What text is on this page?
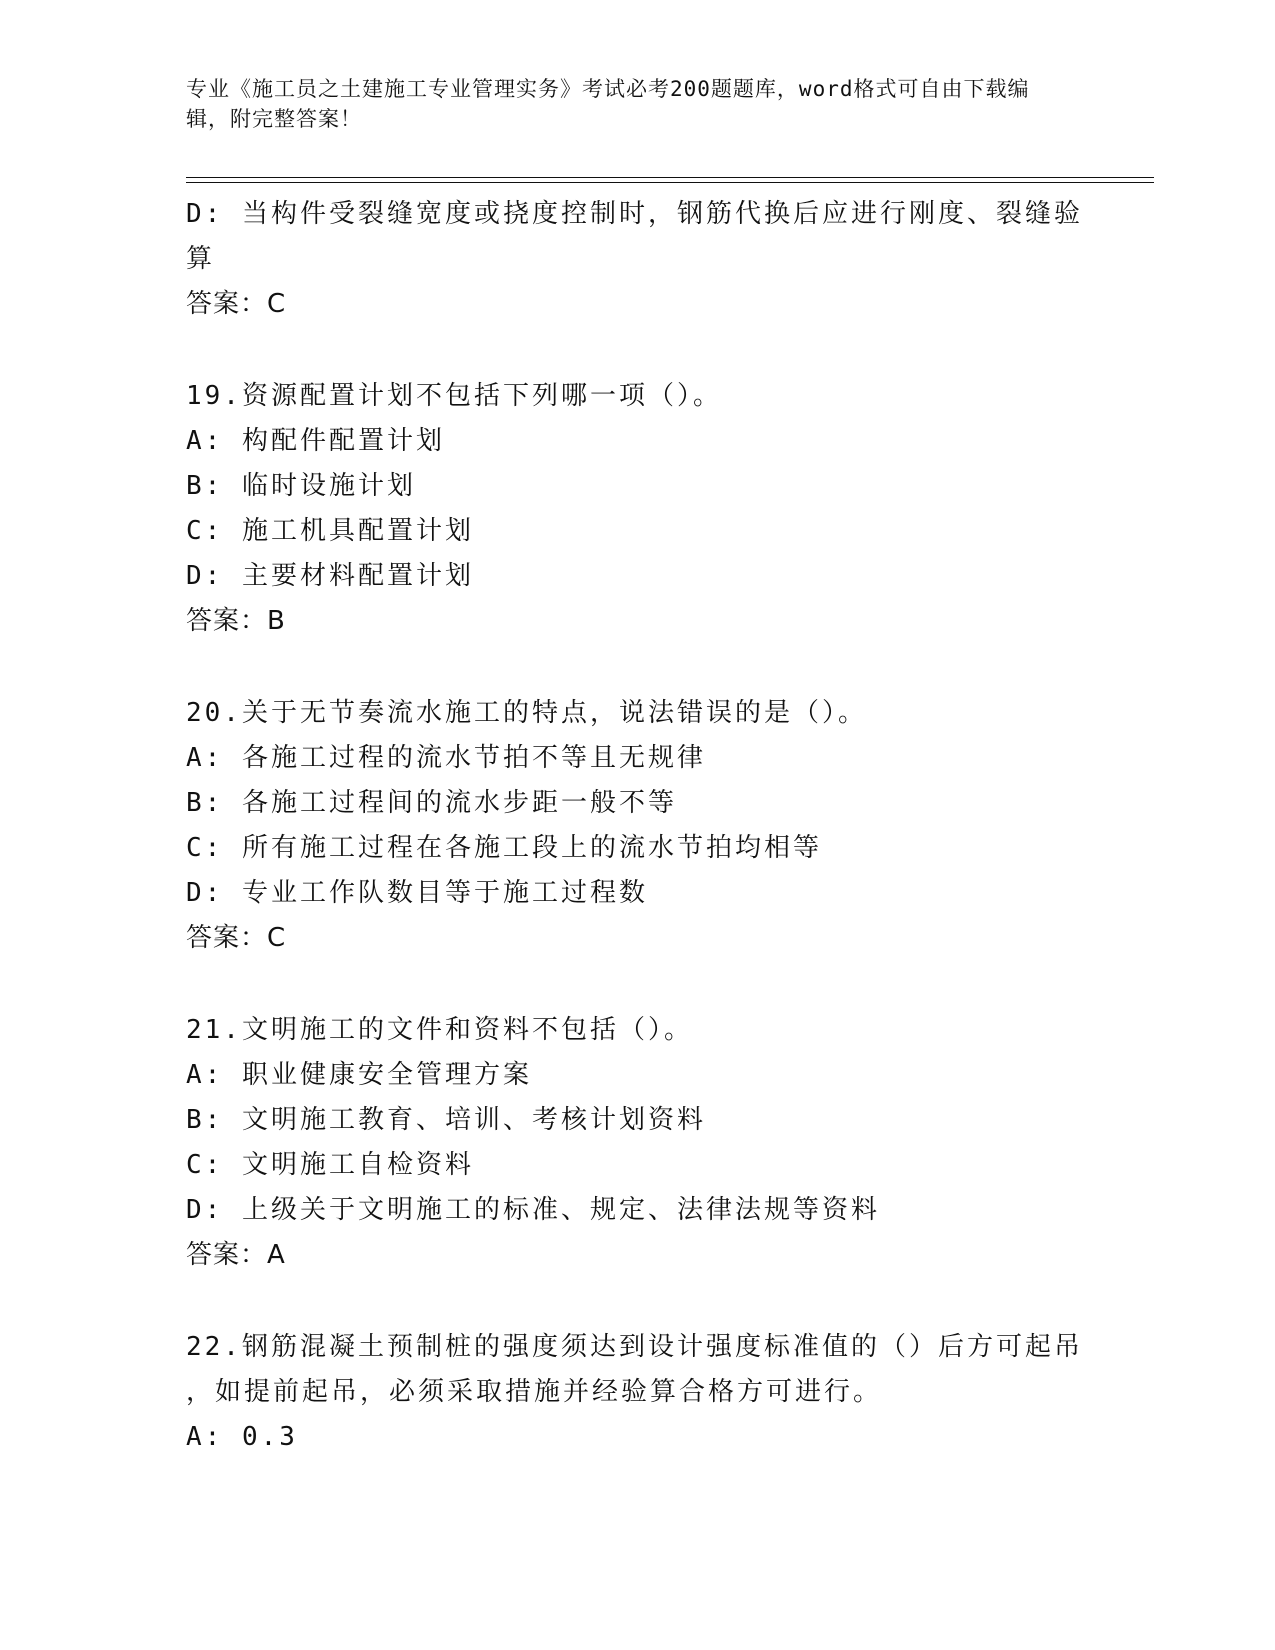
专业《施工员之土建施工专业管理实务》考试必考200题题库，word格式可自由下载编辑，附完整答案！
D: 当构件受裂缝宽度或挠度控制时，钢筋代换后应进行刚度、裂缝验
算
答案：C
19.资源配置计划不包括下列哪一项（）。
A: 构配件配置计划
B: 临时设施计划
C: 施工机具配置计划
D: 主要材料配置计划
答案：B
20.关于无节奏流水施工的特点，说法错误的是（）。
A: 各施工过程的流水节拍不等且无规律
B: 各施工过程间的流水步距一般不等
C: 所有施工过程在各施工段上的流水节拍均相等
D: 专业工作队数目等于施工过程数
答案：C
21.文明施工的文件和资料不包括（）。
A: 职业健康安全管理方案
B: 文明施工教育、培训、考核计划资料
C: 文明施工自检资料
D: 上级关于文明施工的标准、规定、法律法规等资料
答案：A
22.钢筋混凝土预制桩的强度须达到设计强度标准值的（）后方可起吊
，如提前起吊，必须采取措施并经验算合格方可进行。
A: 0.3
